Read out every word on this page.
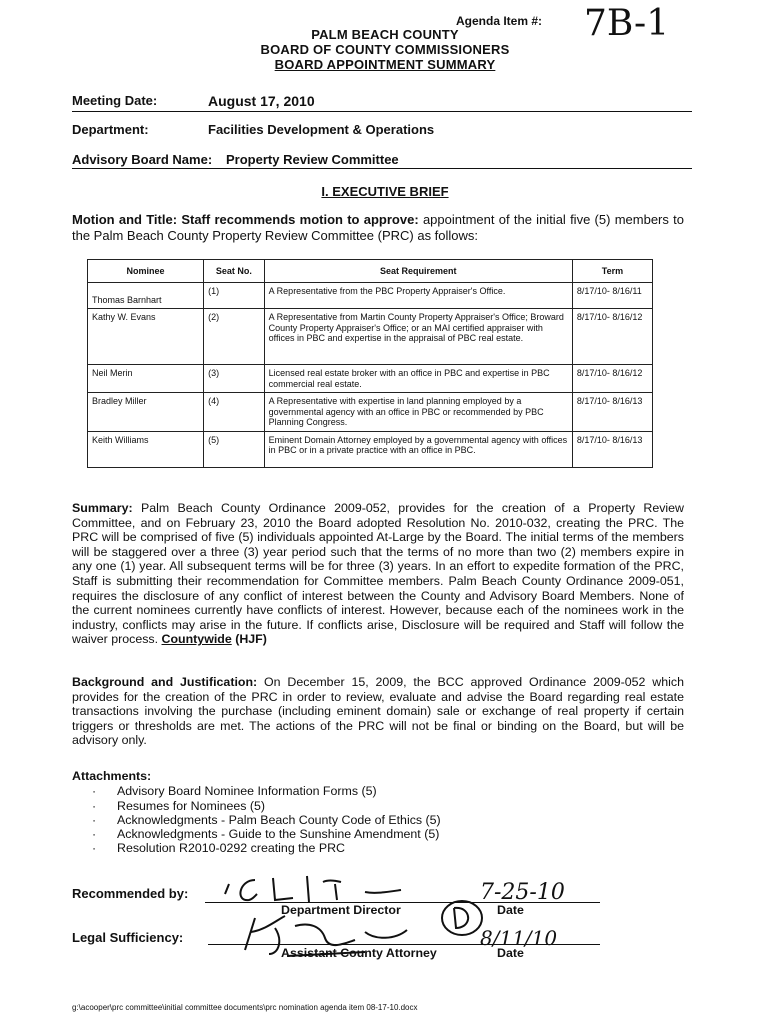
Agenda Item #: 7B-1
PALM BEACH COUNTY
BOARD OF COUNTY COMMISSIONERS
BOARD APPOINTMENT SUMMARY
Meeting Date:	August 17, 2010
Department:	Facilities Development & Operations
Advisory Board Name: Property Review Committee
I. EXECUTIVE BRIEF
Motion and Title: Staff recommends motion to approve: appointment of the initial five (5) members to the Palm Beach County Property Review Committee (PRC) as follows:
Nominee	Seat No.	Seat Requirement	Term
Thomas Barnhart	(1)	A Representative from the PBC Property Appraiser's Office.	8/17/10- 8/16/11
Kathy W. Evans	(2)	A Representative from Martin County Property Appraiser's Office; Broward County Property Appraiser's Office; or an MAI certified appraiser with offices in PBC and expertise in the appraisal of PBC real estate.	8/17/10- 8/16/12
Neil Merin	(3)	Licensed real estate broker with an office in PBC and expertise in PBC commercial real estate.	8/17/10- 8/16/12
Bradley Miller	(4)	A Representative with expertise in land planning employed by a governmental agency with an office in PBC or recommended by PBC Planning Congress.	8/17/10- 8/16/13
Keith Williams	(5)	Eminent Domain Attorney employed by a governmental agency with offices in PBC or in a private practice with an office in PBC.	8/17/10- 8/16/13
Summary: Palm Beach County Ordinance 2009-052, provides for the creation of a Property Review Committee, and on February 23, 2010 the Board adopted Resolution No. 2010-032, creating the PRC. The PRC will be comprised of five (5) individuals appointed At-Large by the Board. The initial terms of the members will be staggered over a three (3) year period such that the terms of no more than two (2) members expire in any one (1) year. All subsequent terms will be for three (3) years. In an effort to expedite formation of the PRC, Staff is submitting their recommendation for Committee members. Palm Beach County Ordinance 2009-051, requires the disclosure of any conflict of interest between the County and Advisory Board Members. None of the current nominees currently have conflicts of interest. However, because each of the nominees work in the industry, conflicts may arise in the future. If conflicts arise, Disclosure will be required and Staff will follow the waiver process. Countywide (HJF)
Background and Justification: On December 15, 2009, the BCC approved Ordinance 2009-052 which provides for the creation of the PRC in order to review, evaluate and advise the Board regarding real estate transactions involving the purchase (including eminent domain) sale or exchange of real property if certain triggers or thresholds are met. The actions of the PRC will not be final or binding on the Board, but will be advisory only.
Attachments:
· Advisory Board Nominee Information Forms (5)
· Resumes for Nominees (5)
· Acknowledgments - Palm Beach County Code of Ethics (5)
· Acknowledgments - Guide to the Sunshine Amendment (5)
· Resolution R2010-0292 creating the PRC
Recommended by:	7-25-10
Department Director	Date
Legal Sufficiency:	8/11/10
Assistant County Attorney	Date
g:\acooper\prc committee\initial committee documents\prc nomination agenda item 08-17-10.docx
